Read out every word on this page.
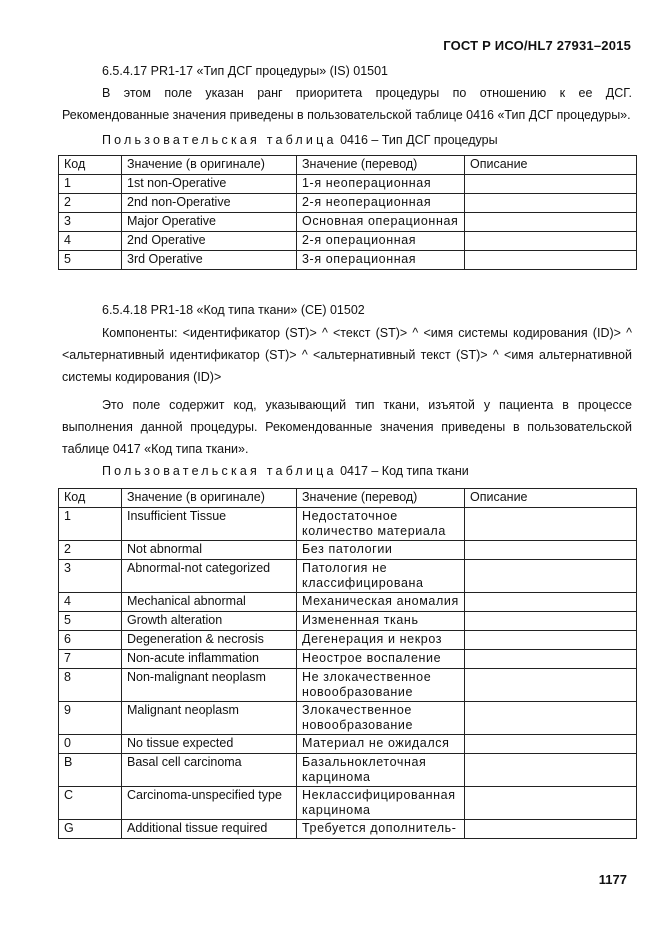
ГОСТ Р ИСО/HL7 27931–2015
6.5.4.17 PR1-17 «Тип ДСГ процедуры» (IS) 01501

В этом поле указан ранг приоритета процедуры по отношению к ее ДСГ. Рекомендованные значения приведены в пользовательской таблице 0416 «Тип ДСГ процедуры».

Пользовательская таблица 0416 – Тип ДСГ процедуры
Код	Значение (в оригинале)	Значение (перевод)	Описание
1	1st non-Operative	1-я неоперационная	
2	2nd non-Operative	2-я неоперационная	
3	Major Operative	Основная операционная	
4	2nd Operative	2-я операционная	
5	3rd Operative	3-я операционная	
6.5.4.18 PR1-18 «Код типа ткани» (CE) 01502

Компоненты: <идентификатор (ST)> ^ <текст (ST)> ^ <имя системы кодирования (ID)> ^ <альтернативный идентификатор (ST)> ^ <альтернативный текст (ST)> ^ <имя альтернативной системы кодирования (ID)>

Это поле содержит код, указывающий тип ткани, изъятой у пациента в процессе выполнения данной процедуры. Рекомендованные значения приведены в пользовательской таблице 0417 «Код типа ткани».

Пользовательская таблица 0417 – Код типа ткани
Код	Значение (в оригинале)	Значение (перевод)	Описание
1	Insufficient Tissue	Недостаточное количество материала	
2	Not abnormal	Без патологии	
3	Abnormal-not categorized	Патология не классифицирована	
4	Mechanical abnormal	Механическая аномалия	
5	Growth alteration	Измененная ткань	
6	Degeneration & necrosis	Дегенерация и некроз	
7	Non-acute inflammation	Неострое воспаление	
8	Non-malignant neoplasm	Не злокачественное новообразование	
9	Malignant neoplasm	Злокачественное новообразование	
0	No tissue expected	Материал не ожидался	
B	Basal cell carcinoma	Базальноклеточная карцинома	
C	Carcinoma-unspecified type	Неклассифицированная карцинома	
G	Additional tissue required	Требуется дополнитель-	
1177
